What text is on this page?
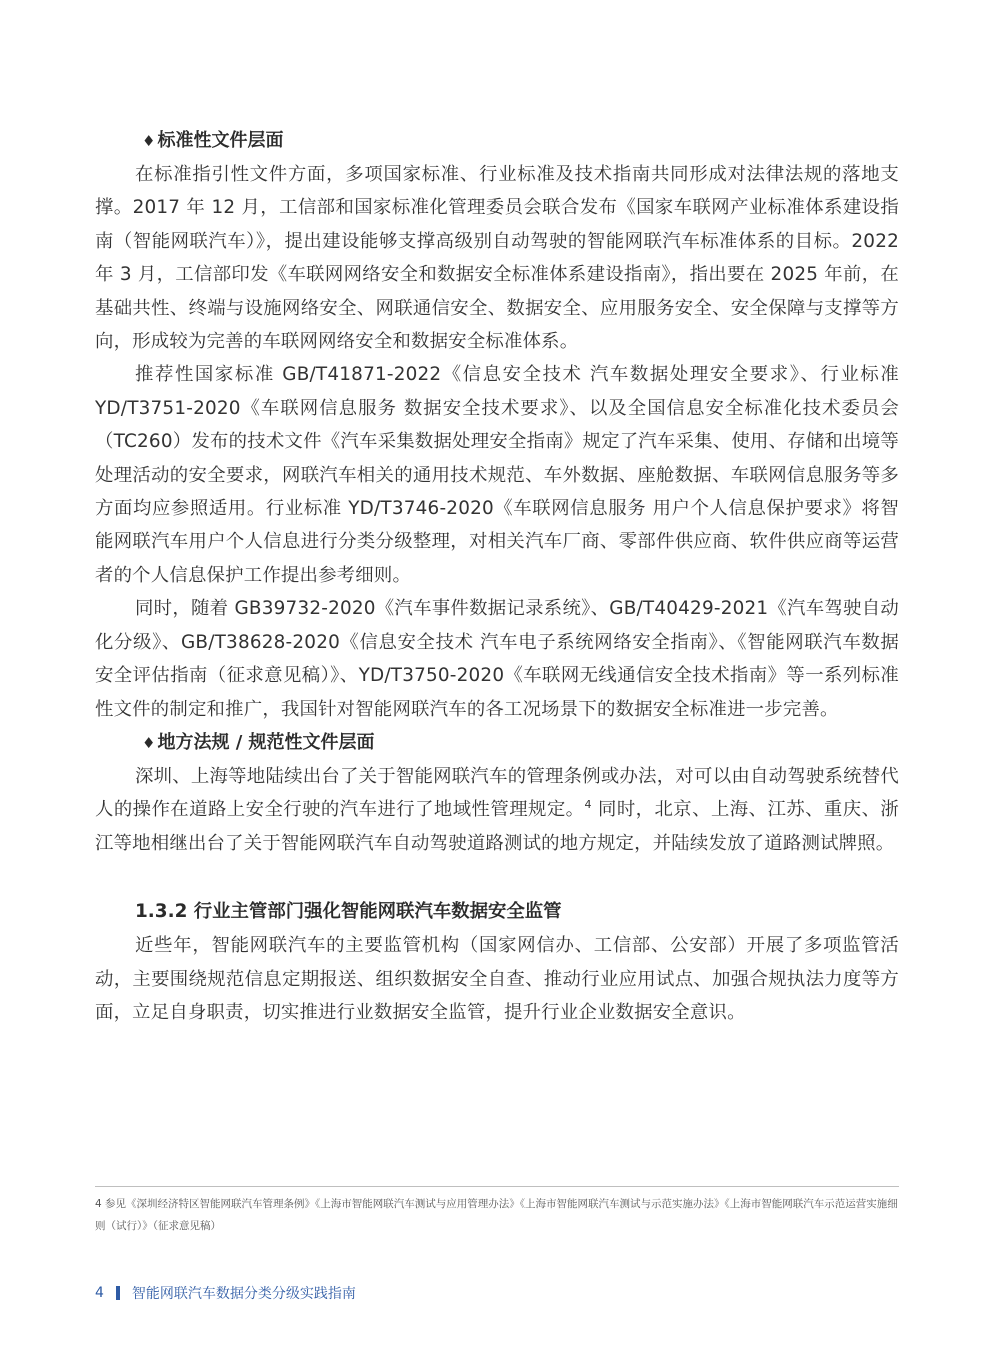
♦ 标准性文件层面

在标准指引性文件方面，多项国家标准、行业标准及技术指南共同形成对法律法规的落地支撑。2017 年 12 月，工信部和国家标准化管理委员会联合发布《国家车联网产业标准体系建设指南（智能网联汽车）》，提出建设能够支撑高级别自动驾驶的智能网联汽车标准体系的目标。2022 年 3 月，工信部印发《车联网网络安全和数据安全标准体系建设指南》，指出要在 2025 年前，在基础共性、终端与设施网络安全、网联通信安全、数据安全、应用服务安全、安全保障与支撑等方向，形成较为完善的车联网网络安全和数据安全标准体系。

推荐性国家标准 GB/T41871-2022《信息安全技术 汽车数据处理安全要求》、行业标准 YD/T3751-2020《车联网信息服务 数据安全技术要求》、以及全国信息安全标准化技术委员会（TC260）发布的技术文件《汽车采集数据处理安全指南》规定了汽车采集、使用、存储和出境等处理活动的安全要求，网联汽车相关的通用技术规范、车外数据、座舱数据、车联网信息服务等多方面均应参照适用。行业标准 YD/T3746-2020《车联网信息服务 用户个人信息保护要求》将智能网联汽车用户个人信息进行分类分级整理，对相关汽车厂商、零部件供应商、软件供应商等运营者的个人信息保护工作提出参考细则。

同时，随着 GB39732-2020《汽车事件数据记录系统》、GB/T40429-2021《汽车驾驶自动化分级》、GB/T38628-2020《信息安全技术 汽车电子系统网络安全指南》、《智能网联汽车数据安全评估指南（征求意见稿）》、YD/T3750-2020《车联网无线通信安全技术指南》等一系列标准性文件的制定和推广，我国针对智能网联汽车的各工况场景下的数据安全标准进一步完善。

♦ 地方法规 / 规范性文件层面

深圳、上海等地陆续出台了关于智能网联汽车的管理条例或办法，对可以由自动驾驶系统替代人的操作在道路上安全行驶的汽车进行了地域性管理规定。$^4$ 同时，北京、上海、江苏、重庆、浙江等地相继出台了关于智能网联汽车自动驾驶道路测试的地方规定，并陆续发放了道路测试牌照。

1.3.2 行业主管部门强化智能网联汽车数据安全监管

近些年，智能网联汽车的主要监管机构（国家网信办、工信部、公安部）开展了多项监管活动，主要围绕规范信息定期报送、组织数据安全自查、推动行业应用试点、加强合规执法力度等方面，立足自身职责，切实推进行业数据安全监管，提升行业企业数据安全意识。

4 参见《深圳经济特区智能网联汽车管理条例》《上海市智能网联汽车测试与应用管理办法》《上海市智能网联汽车测试与示范实施办法》《上海市智能网联汽车示范运营实施细则（试行）》（征求意见稿）

4 智能网联汽车数据分类分级实践指南
